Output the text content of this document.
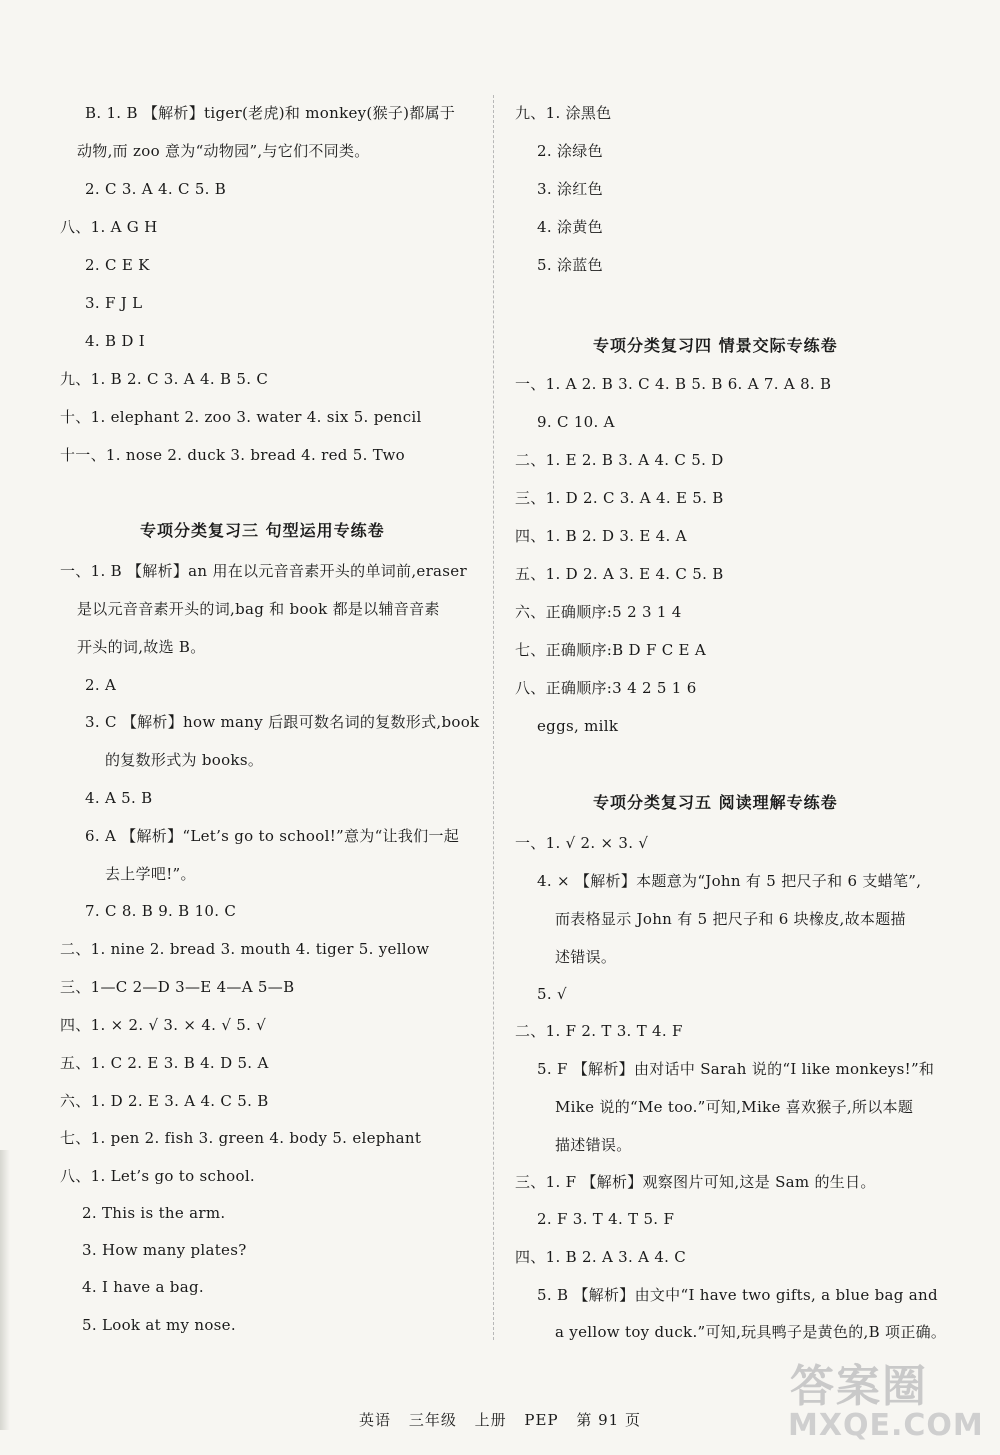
B. 1. B 【解析】tiger(老虎)和 monkey(猴子)都属于
动物,而 zoo 意为“动物园”,与它们不同类。
2. C 3. A 4. C 5. B
八、1. A G H
2. C E K
3. F J L
4. B D I
九、1. B 2. C 3. A 4. B 5. C
十、1. elephant 2. zoo 3. water 4. six 5. pencil
十一、1. nose 2. duck 3. bread 4. red 5. Two
专项分类复习三 句型运用专练卷
一、1. B 【解析】an 用在以元音音素开头的单词前,eraser
是以元音音素开头的词,bag 和 book 都是以辅音音素
开头的词,故选 B。
2. A
3. C 【解析】how many 后跟可数名词的复数形式,book
的复数形式为 books。
4. A 5. B
6. A 【解析】“Let’s go to school!”意为“让我们一起
去上学吧!”。
7. C 8. B 9. B 10. C
二、1. nine 2. bread 3. mouth 4. tiger 5. yellow
三、1—C 2—D 3—E 4—A 5—B
四、1. × 2. √ 3. × 4. √ 5. √
五、1. C 2. E 3. B 4. D 5. A
六、1. D 2. E 3. A 4. C 5. B
七、1. pen 2. fish 3. green 4. body 5. elephant
八、1. Let’s go to school.
2. This is the arm.
3. How many plates?
4. I have a bag.
5. Look at my nose.
九、1. 涂黑色
2. 涂绿色
3. 涂红色
4. 涂黄色
5. 涂蓝色
专项分类复习四 情景交际专练卷
一、1. A 2. B 3. C 4. B 5. B 6. A 7. A 8. B
9. C 10. A
二、1. E 2. B 3. A 4. C 5. D
三、1. D 2. C 3. A 4. E 5. B
四、1. B 2. D 3. E 4. A
五、1. D 2. A 3. E 4. C 5. B
六、正确顺序:5 2 3 1 4
七、正确顺序:B D F C E A
八、正确顺序:3 4 2 5 1 6
eggs, milk
专项分类复习五 阅读理解专练卷
一、1. √ 2. × 3. √
4. × 【解析】本题意为“John 有 5 把尺子和 6 支蜡笔”,
而表格显示 John 有 5 把尺子和 6 块橡皮,故本题描
述错误。
5. √
二、1. F 2. T 3. T 4. F
5. F 【解析】由对话中 Sarah 说的“I like monkeys!”和
Mike 说的“Me too.”可知,Mike 喜欢猴子,所以本题
描述错误。
三、1. F 【解析】观察图片可知,这是 Sam 的生日。
2. F 3. T 4. T 5. F
四、1. B 2. A 3. A 4. C
5. B 【解析】由文中“I have two gifts, a blue bag and
a yellow toy duck.”可知,玩具鸭子是黄色的,B 项正确。
英语 三年级 上册 PEP 第 91 页
答案圈
MXQE.COM
